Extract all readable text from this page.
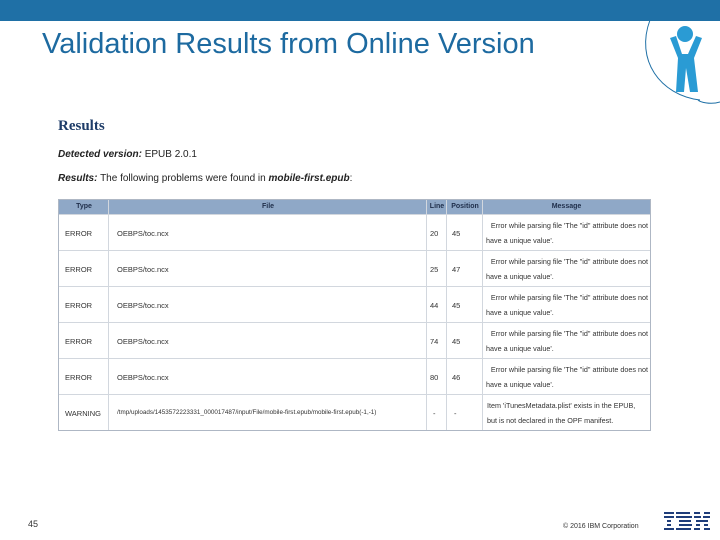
Validation Results from Online Version
Results
Detected version: EPUB 2.0.1
Results: The following problems were found in mobile-first.epub:
Type	File	Line	Position	Message
ERROR	OEBPS/toc.ncx	20 45
Error while parsing file 'The "id" attribute does not
have a unique value'.
ERROR	OEBPS/toc.ncx	25 47
Error while parsing file 'The "id" attribute does not
have a unique value'.
ERROR	OEBPS/toc.ncx	44 45
Error while parsing file 'The "id" attribute does not
have a unique value'.
ERROR	OEBPS/toc.ncx	74 45
Error while parsing file 'The "id" attribute does not
have a unique value'.
ERROR	OEBPS/toc.ncx	80 46
Error while parsing file 'The "id" attribute does not
have a unique value'.
WARNING	/tmp/uploads/1453572223331_000017487/input/File/mobile-first.epub/mobile-first.epub(-1,-1)	- -
Item 'iTunesMetadata.plist' exists in the EPUB,
but is not declared in the OPF manifest.
45	© 2016 IBM Corporation
